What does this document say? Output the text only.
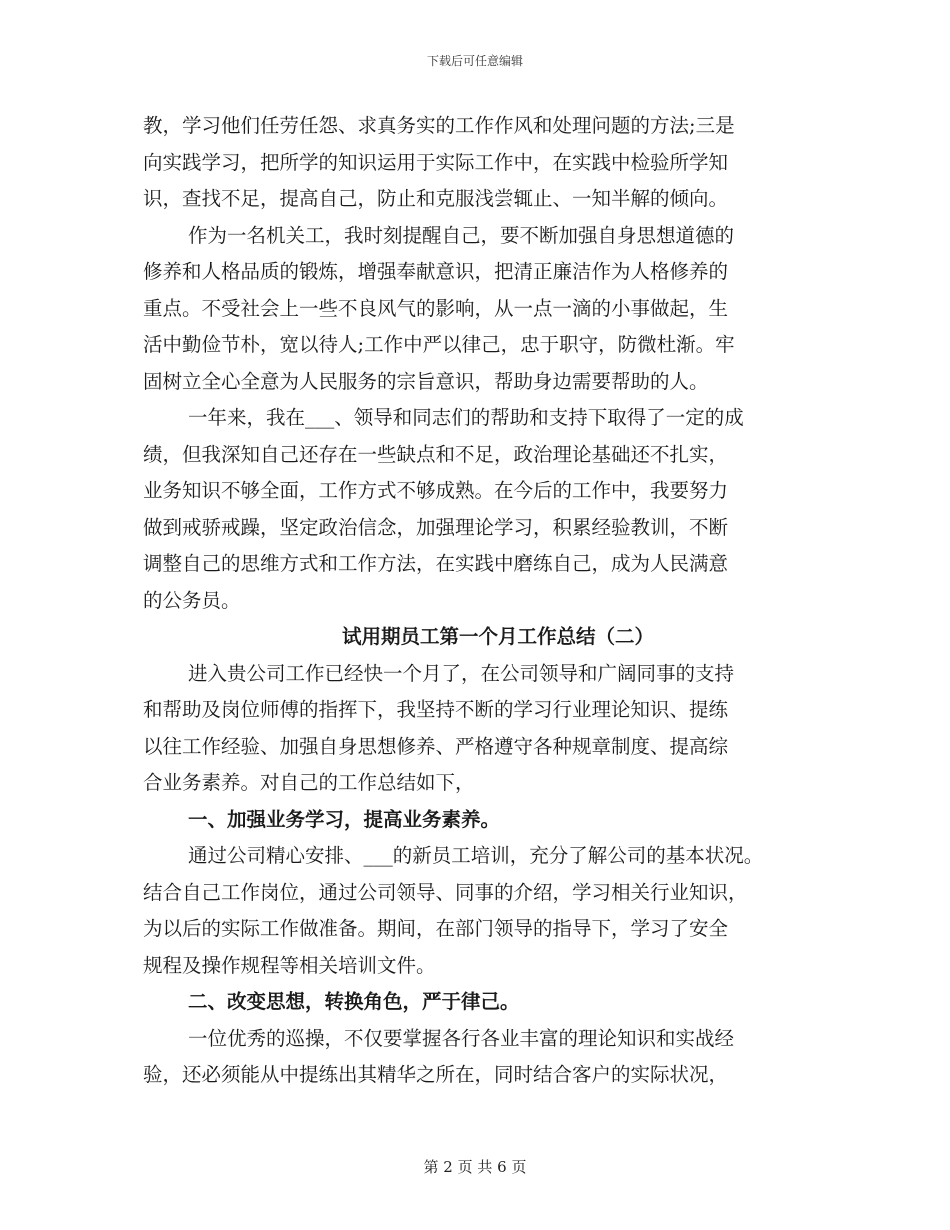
下载后可任意编辑
教，学习他们任劳任怨、求真务实的工作作风和处理问题的方法;三是
向实践学习，把所学的知识运用于实际工作中，在实践中检验所学知
识，查找不足，提高自己，防止和克服浅尝辄止、一知半解的倾向。
作为一名机关工，我时刻提醒自己，要不断加强自身思想道德的
修养和人格品质的锻炼，增强奉献意识，把清正廉洁作为人格修养的
重点。不受社会上一些不良风气的影响，从一点一滴的小事做起，生
活中勤俭节朴，宽以待人;工作中严以律己，忠于职守，防微杜渐。牢
固树立全心全意为人民服务的宗旨意识，帮助身边需要帮助的人。
一年来，我在___、领导和同志们的帮助和支持下取得了一定的成
绩，但我深知自己还存在一些缺点和不足，政治理论基础还不扎实，
业务知识不够全面，工作方式不够成熟。在今后的工作中，我要努力
做到戒骄戒躁，坚定政治信念，加强理论学习，积累经验教训，不断
调整自己的思维方式和工作方法，在实践中磨练自己，成为人民满意
的公务员。
试用期员工第一个月工作总结（二）
进入贵公司工作已经快一个月了，在公司领导和广阔同事的支持
和帮助及岗位师傅的指挥下，我坚持不断的学习行业理论知识、提练
以往工作经验、加强自身思想修养、严格遵守各种规章制度、提高综
合业务素养。对自己的工作总结如下，
一、加强业务学习，提高业务素养。
通过公司精心安排、___的新员工培训，充分了解公司的基本状况。
结合自己工作岗位，通过公司领导、同事的介绍，学习相关行业知识，
为以后的实际工作做准备。期间，在部门领导的指导下，学习了安全
规程及操作规程等相关培训文件。
二、改变思想，转换角色，严于律己。
一位优秀的巡操，不仅要掌握各行各业丰富的理论知识和实战经
验，还必须能从中提练出其精华之所在，同时结合客户的实际状况，
第 2 页 共 6 页
